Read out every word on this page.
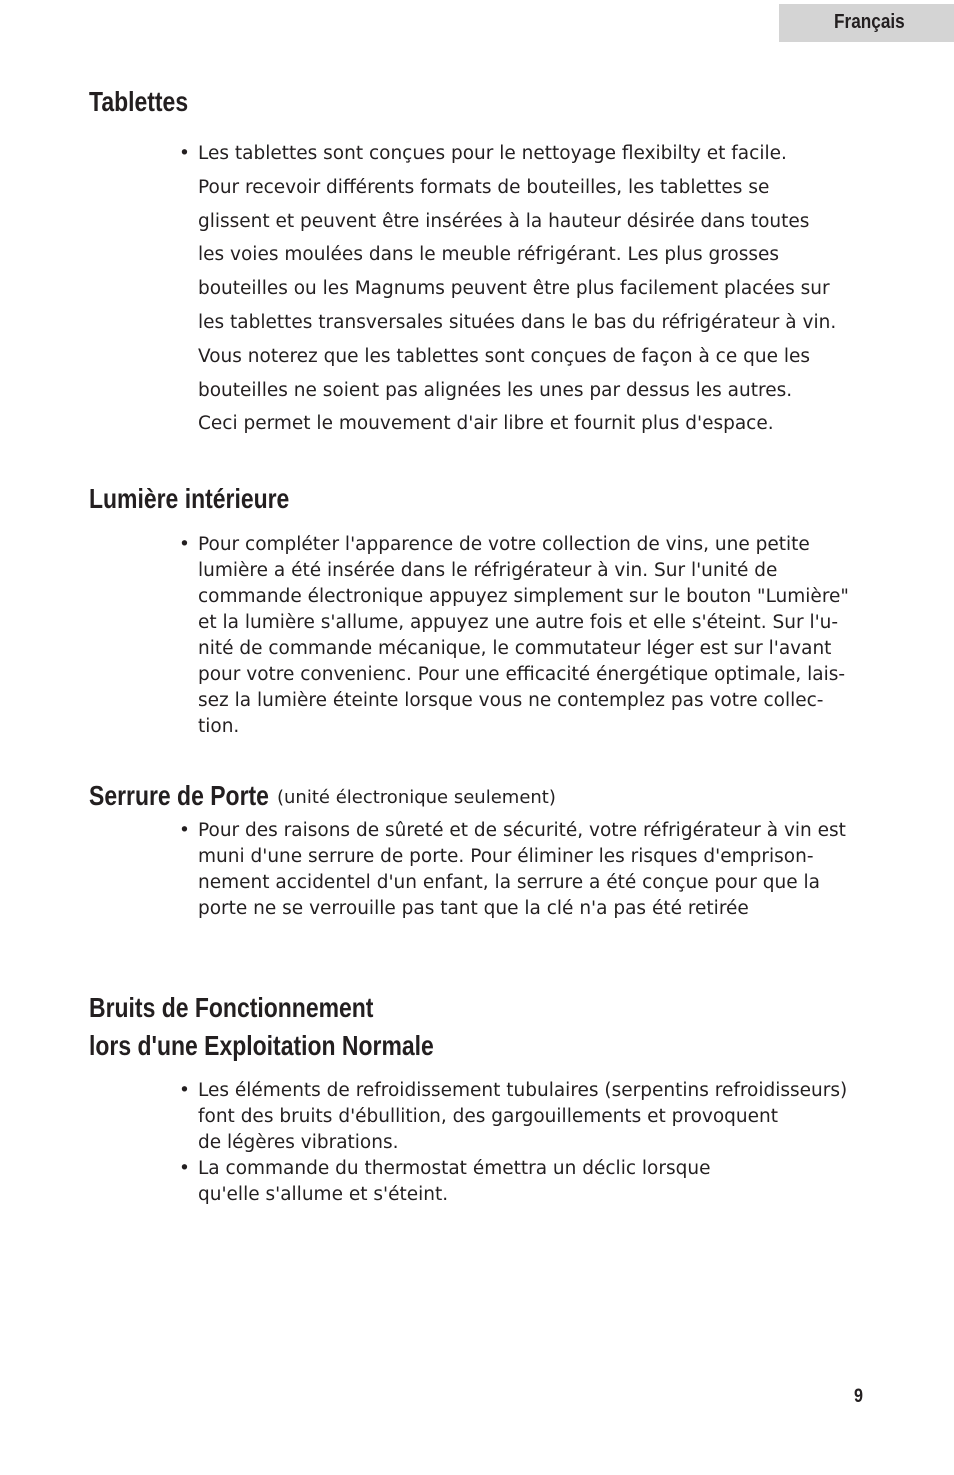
Français
Tablettes
• Les tablettes sont conçues pour le nettoyage flexibilty et facile.
Pour recevoir différents formats de bouteilles, les tablettes se
glissent et peuvent être insérées à la hauteur désirée dans toutes
les voies moulées dans le meuble réfrigérant. Les plus grosses
bouteilles ou les Magnums peuvent être plus facilement placées sur
les tablettes transversales situées dans le bas du réfrigérateur à vin.
Vous noterez que les tablettes sont conçues de façon à ce que les
bouteilles ne soient pas alignées les unes par dessus les autres.
Ceci permet le mouvement d'air libre et fournit plus d'espace.
Lumière intérieure
• Pour compléter l'apparence de votre collection de vins, une petite
lumière a été insérée dans le réfrigérateur à vin. Sur l'unité de
commande électronique appuyez simplement sur le bouton "Lumière"
et la lumière s'allume, appuyez une autre fois et elle s'éteint. Sur l'u-
nité de commande mécanique, le commutateur léger est sur l'avant
pour votre convenienc. Pour une efficacité énergétique optimale, lais-
sez la lumière éteinte lorsque vous ne contemplez pas votre collec-
tion.
Serrure de Porte (unité électronique seulement)
• Pour des raisons de sûreté et de sécurité, votre réfrigérateur à vin est
muni d'une serrure de porte. Pour éliminer les risques d'emprison-
nement accidentel d'un enfant, la serrure a été conçue pour que la
porte ne se verrouille pas tant que la clé n'a pas été retirée
Bruits de Fonctionnement
lors d'une Exploitation Normale
• Les éléments de refroidissement tubulaires (serpentins refroidisseurs)
font des bruits d'ébullition, des gargouillements et provoquent
de légères vibrations.
• La commande du thermostat émettra un déclic lorsque
qu'elle s'allume et s'éteint.
9
